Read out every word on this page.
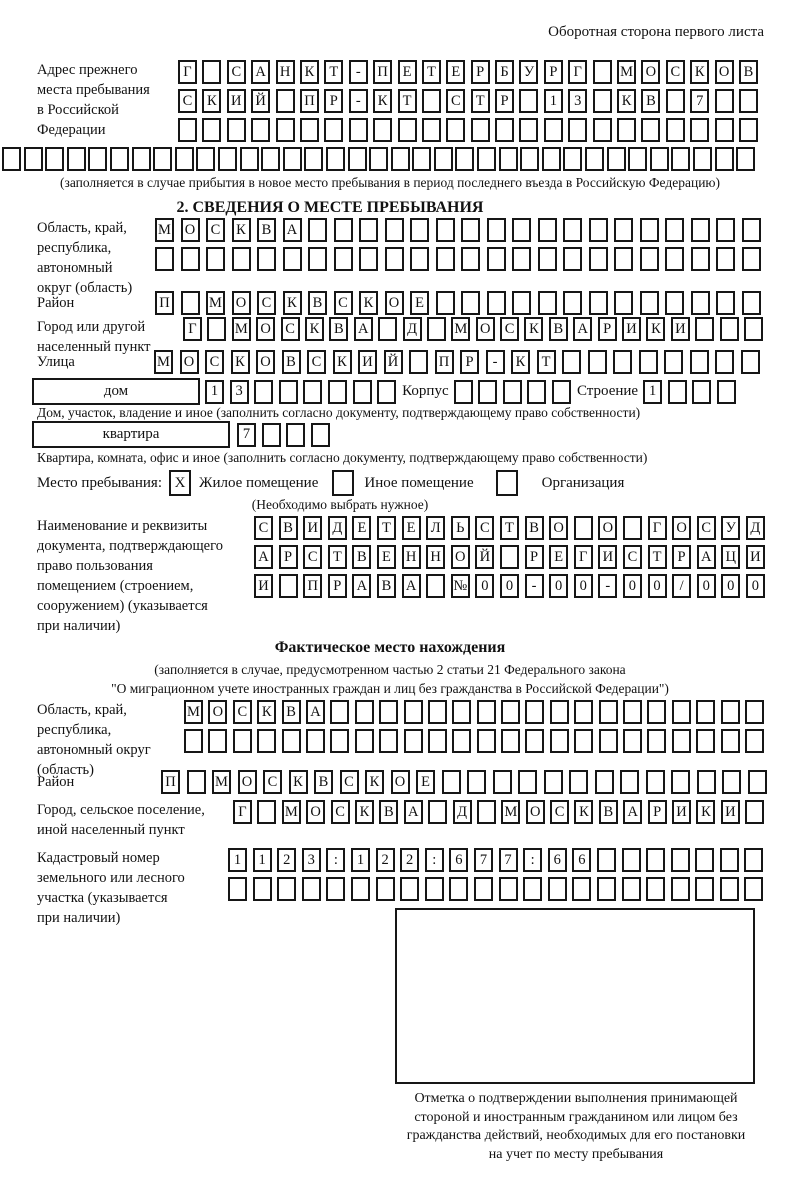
Оборотная сторона первого листа
Адрес прежнего
места пребывания
в Российской
Федерации
Г	С А Н К	Т	-	П	Е	Т	Е	Р	Б	У	Р	Г	М О С	К О В
С	К И Й	П	Р	-	К	Т	С	Т	Р	1	3	К	В	7
(заполняется в случае прибытия в новое место пребывания в период последнего въезда в Российскую Федерацию)
2. СВЕДЕНИЯ О МЕСТЕ ПРЕБЫВАНИЯ
Область, край,
республика,
автономный
округ (область)
М О	С	К	В	А
Район	П	М О	С	К	В	С	К	О	Е
Город или другой
населенный пункт
Г	М О С	К	В А	Д	М О С	К	В А	Р	И К И
Улица	М О	С	К	О	В	С	К	И Й	П	Р	-	К	Т
дом	1	3	Корпус	Строение 1
Дом, участок, владение и иное (заполнить согласно документу, подтверждающему право собственности)
квартира	7
Квартира, комната, офис и иное (заполнить согласно документу, подтверждающему право собственности)
Место пребывания: X Жилое помещение	Иное помещение	Организация
(Необходимо выбрать нужное)
Наименование и реквизиты
документа, подтверждающего
право пользования
помещением (строением,
сооружением) (указывается
при наличии)
С	В	И Д	Е	Т	Е	Л	Ь	С	Т	В	О	О	Г	О	С	У	Д
А	Р	С	Т	В	Е	Н Н О Й	Р	Е	Г	И	С	Т	Р	А Ц И
И	П	Р	А	В	А	№ 0	0	-	0	0	-	0	0	/	0	0	0
Фактическое место нахождения
(заполняется в случае, предусмотренном частью 2 статьи 21 Федерального закона
"О миграционном учете иностранных граждан и лиц без гражданства в Российской Федерации")
Область, край,
республика,
автономный округ
(область)
М О С	К	В А
Район	П	М О	С	К	В	С	К	О	Е
Город, сельское поселение,
иной населенный пункт
Г	М О С	К	В А	Д	М О С	К	В А	Р	И К И
Кадастровый номер
земельного или лесного
участка (указывается
при наличии)
1	1	2	3	:	1	2	2	:	6	7	7	:	6	6
Отметка о подтверждении выполнения принимающей
стороной и иностранным гражданином или лицом без
гражданства действий, необходимых для его постановки
на учет по месту пребывания
